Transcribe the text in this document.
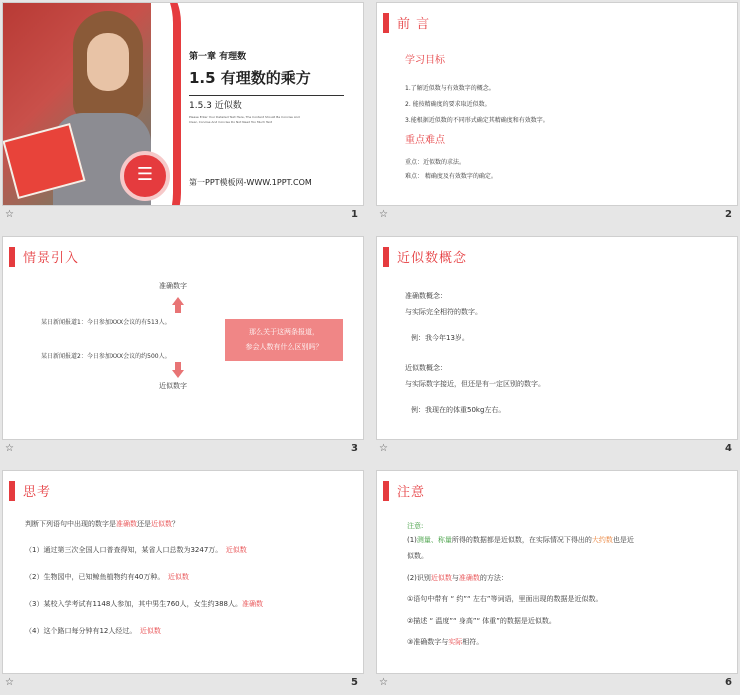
☰
第一章 有理数
1.5 有理数的乘方
1.5.3 近似数
Please Enter Your Detailed Text Here, The Content Should Be Concise And Clear, Concise And Concise Do Not Need Too Much Text
第一PPT模板网-WWW.1PPT.COM
☆	1
前 言
学习目标
1.了解近似数与有效数字的概念。
2. 能按精确度的要求取近似数。
3.能根据近似数的不同形式确定其精确度和有效数字。
重点难点
重点：近似数的求法。
难点： 精确度及有效数字的确定。
☆	2
情景引入
准确数字
某日新闻报道1：今日参加XXX会议的有513人。
某日新闻报道2：今日参加XXX会议的约500人。
近似数字
那么关于这两条报道，
参会人数有什么区别吗？
☆	3
近似数概念
准确数概念：
与实际完全相符的数字。
例：我今年13岁。
近似数概念：
与实际数字接近，但还是有一定区别的数字。
例：我现在的体重50kg左右。
☆	4
思考
判断下列语句中出现的数字是准确数还是近似数？
（1）通过第三次全国人口普查得知，某省人口总数为3247万。　 近似数
（2）生物园中，已知鲸鱼植物约有40万种。　 近似数
（3）某校入学考试有1148人参加，其中男生760人，女生约388人。准确数
（4）这个路口每分钟有12人经过。　 近似数
☆	5
注意
注意:
(1)测量、称量所得的数据都是近似数，在实际情况下得出的大约数也是近
似数。
(2)识别近似数与准确数的方法：
①语句中带有 “ 约”“ 左右”等词语，里面出现的数据是近似数。
②描述 “ 温度”“ 身高”“ 体重”的数据是近似数。
③准确数字与实际相符。
☆	6
